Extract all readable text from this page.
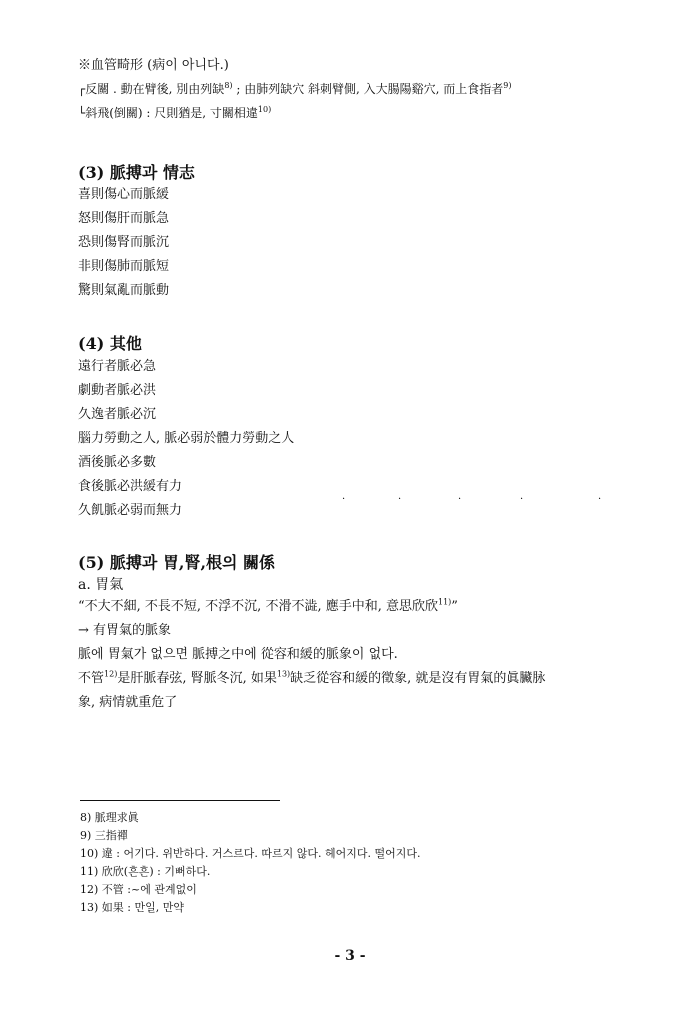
※血管畸形 (病이 아니다.)
┌反關 . 動在臂後, 別由列缺$^{8)}$ ; 由肺列缺穴 斜刺臂側, 入大腸陽谿穴, 而上食指者$^{9)}$
└斜飛(倒關) : 尺則猶是, 寸關相違$^{10)}$
(3) 脈搏과 情志
喜則傷心而脈緩
怒則傷肝而脈急
恐則傷腎而脈沉
非則傷肺而脈短
驚則氣亂而脈動
(4) 其他
遠行者脈必急
劇動者脈必洪
久逸者脈必沉
腦力勞動之人, 脈必弱於體力勞動之人
酒後脈必多數
食後脈必洪緩有力
久飢脈必弱而無力
·	·	·	·	·
(5) 脈搏과 胃,腎,根의 關係
a. 胃氣
“不大不細, 不長不短, 不浮不沉, 不滑不澁, 應手中和, 意思欣欣$^{11)}$”
→ 有胃氣的脈象
脈에 胃氣가 없으면 脈搏之中에 從容和緩的脈象이 없다.
不管$^{12)}$是肝脈春弦, 腎脈冬沉, 如果$^{13)}$缺乏從容和緩的徵象, 就是沒有胃氣的眞臟脉
象, 病情就重危了
8) 脈理求眞
9) 三指禪
10) 違 : 어기다. 위반하다. 거스르다. 따르지 않다. 헤어지다. 떨어지다.
11) 欣欣(흔흔) : 기뻐하다.
12) 不管 :~에 관계없이
13) 如果 : 만일, 만약
- 3 -
